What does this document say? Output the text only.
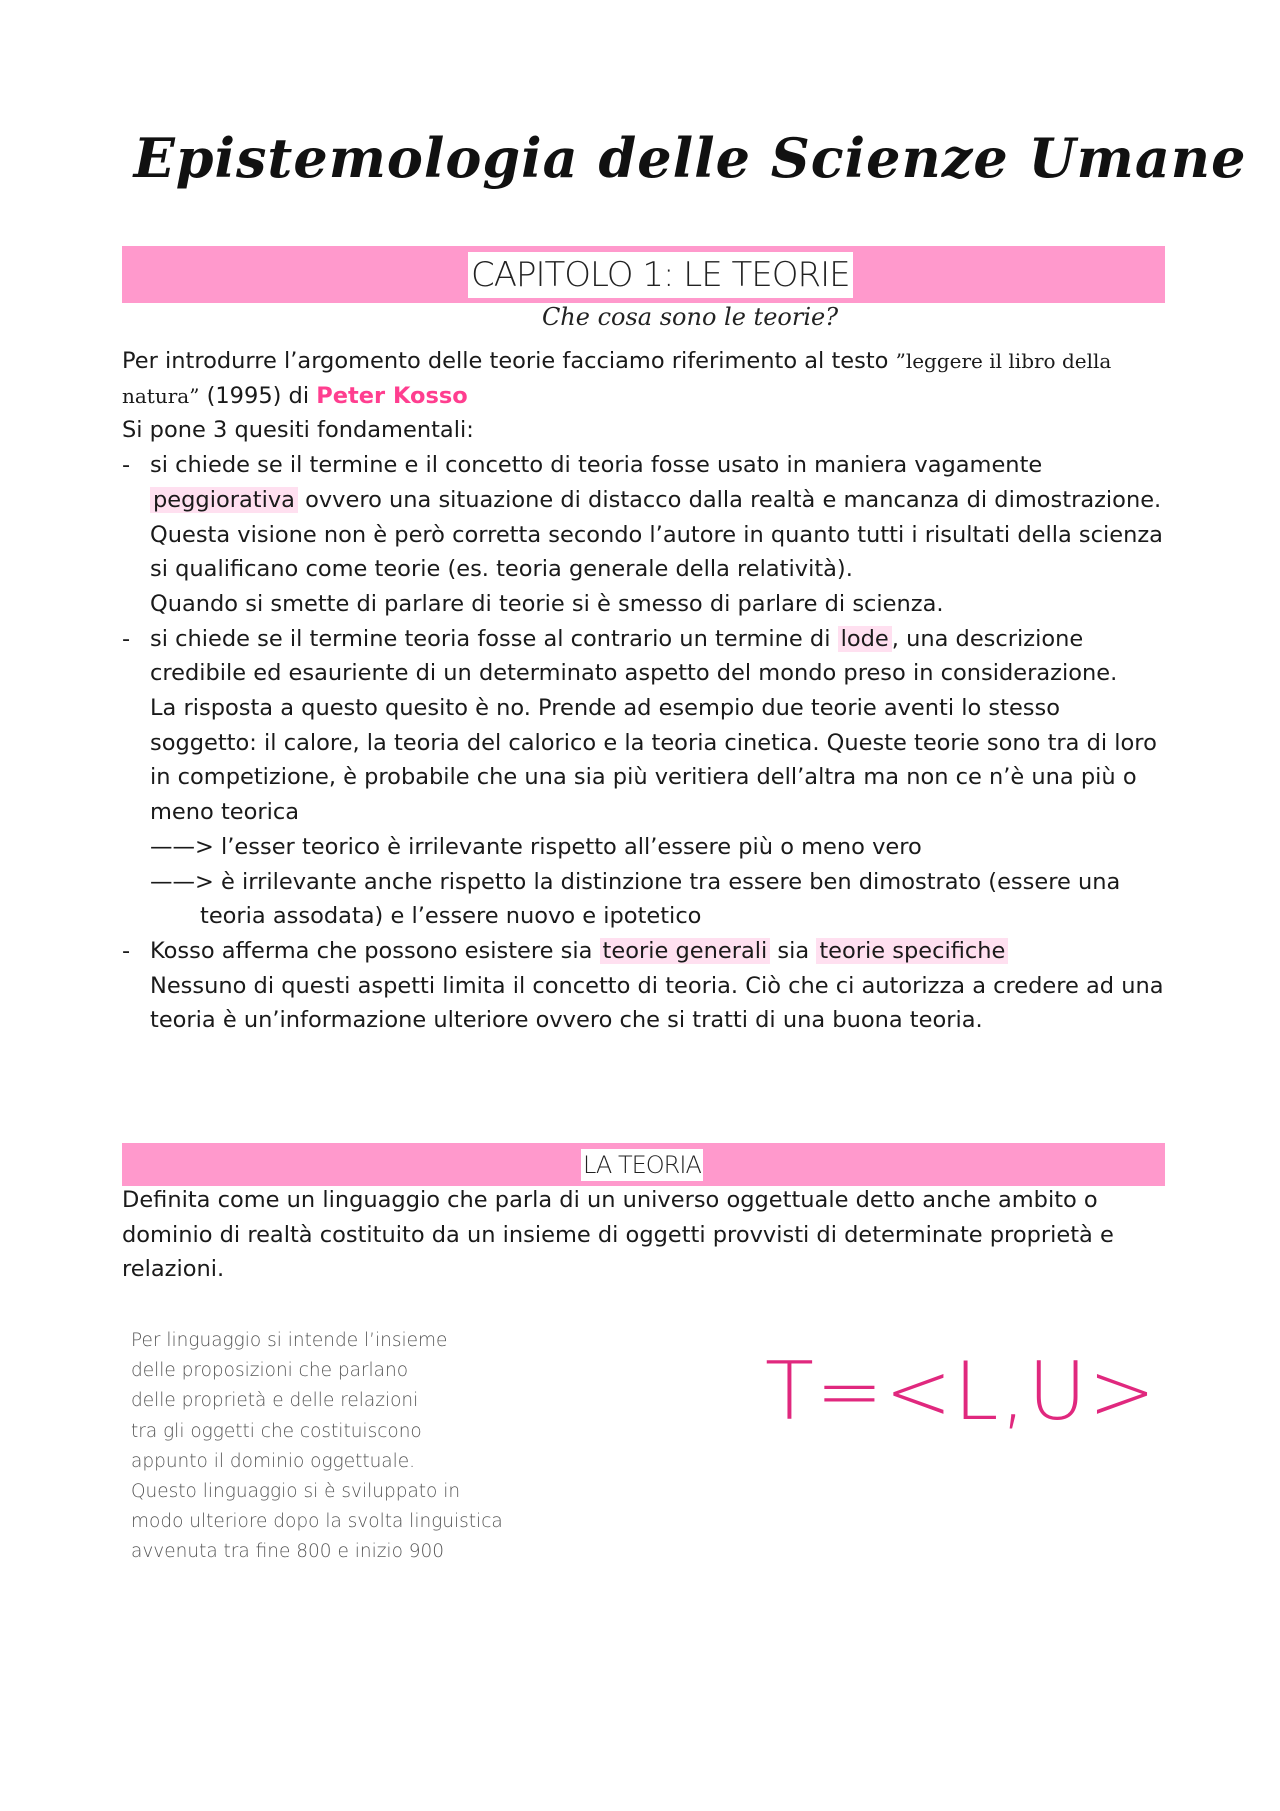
Epistemologia delle Scienze Umane
CAPITOLO 1: LE TEORIE
Che cosa sono le teorie?
Per introdurre l’argomento delle teorie facciamo riferimento al testo ”leggere il libro della natura” (1995) di Peter Kosso
Si pone 3 quesiti fondamentali:
- si chiede se il termine e il concetto di teoria fosse usato in maniera vagamente peggiorativa ovvero una situazione di distacco dalla realtà e mancanza di dimostrazione.
Questa visione non è però corretta secondo l’autore in quanto tutti i risultati della scienza si qualificano come teorie (es. teoria generale della relatività).
Quando si smette di parlare di teorie si è smesso di parlare di scienza.
- si chiede se il termine teoria fosse al contrario un termine di lode , una descrizione credibile ed esauriente di un determinato aspetto del mondo preso in considerazione.
La risposta a questo quesito è no. Prende ad esempio due teorie aventi lo stesso soggetto: il calore, la teoria del calorico e la teoria cinetica. Queste teorie sono tra di loro in competizione, è probabile che una sia più veritiera dell’altra ma non ce n’è una più o meno teorica
——> l’esser teorico è irrilevante rispetto all’essere più o meno vero
——> è irrilevante anche rispetto la distinzione tra essere ben dimostrato (essere una
teoria assodata) e l’essere nuovo e ipotetico
- Kosso afferma che possono esistere sia teorie generali sia teorie specifiche
Nessuno di questi aspetti limita il concetto di teoria. Ciò che ci autorizza a credere ad una teoria è un’informazione ulteriore ovvero che si tratti di una buona teoria.
LA TEORIA
Definita come un linguaggio che parla di un universo oggettuale detto anche ambito o dominio di realtà costituito da un insieme di oggetti provvisti di determinate proprietà e relazioni.
Per linguaggio si intende l’insieme
delle proposizioni che parlano
delle proprietà e delle relazioni
tra gli oggetti che costituiscono
appunto il dominio oggettuale.
Questo linguaggio si è sviluppato in
modo ulteriore dopo la svolta linguistica
avvenuta tra fine 800 e inizio 900
T=<L,U>
